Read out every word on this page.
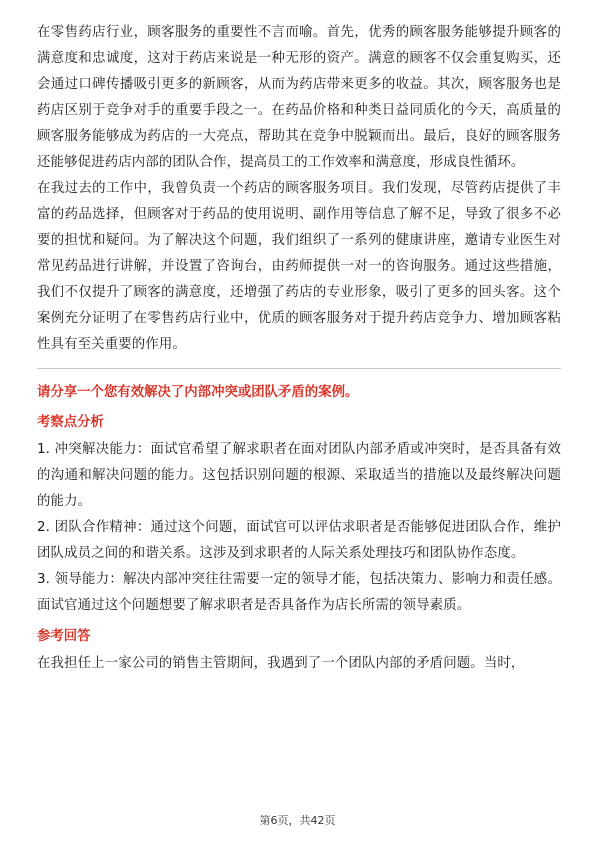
在零售药店行业，顾客服务的重要性不言而喻。首先，优秀的顾客服务能够提升顾客的满意度和忠诚度，这对于药店来说是一种无形的资产。满意的顾客不仅会重复购买，还会通过口碑传播吸引更多的新顾客，从而为药店带来更多的收益。其次，顾客服务也是药店区别于竞争对手的重要手段之一。在药品价格和种类日益同质化的今天，高质量的顾客服务能够成为药店的一大亮点，帮助其在竞争中脱颖而出。最后，良好的顾客服务还能够促进药店内部的团队合作，提高员工的工作效率和满意度，形成良性循环。

在我过去的工作中，我曾负责一个药店的顾客服务项目。我们发现，尽管药店提供了丰富的药品选择，但顾客对于药品的使用说明、副作用等信息了解不足，导致了很多不必要的担忧和疑问。为了解决这个问题，我们组织了一系列的健康讲座，邀请专业医生对常见药品进行讲解，并设置了咨询台，由药师提供一对一的咨询服务。通过这些措施，我们不仅提升了顾客的满意度，还增强了药店的专业形象，吸引了更多的回头客。这个案例充分证明了在零售药店行业中，优质的顾客服务对于提升药店竞争力、增加顾客粘性具有至关重要的作用。

请分享一个您有效解决了内部冲突或团队矛盾的案例。

考察点分析

1. 冲突解决能力：面试官希望了解求职者在面对团队内部矛盾或冲突时，是否具备有效的沟通和解决问题的能力。这包括识别问题的根源、采取适当的措施以及最终解决问题的能力。

2. 团队合作精神：通过这个问题，面试官可以评估求职者是否能够促进团队合作，维护团队成员之间的和谐关系。这涉及到求职者的人际关系处理技巧和团队协作态度。

3. 领导能力：解决内部冲突往往需要一定的领导才能，包括决策力、影响力和责任感。面试官通过这个问题想要了解求职者是否具备作为店长所需的领导素质。

参考回答

在我担任上一家公司的销售主管期间，我遇到了一个团队内部的矛盾问题。当时，

第6页，共42页
